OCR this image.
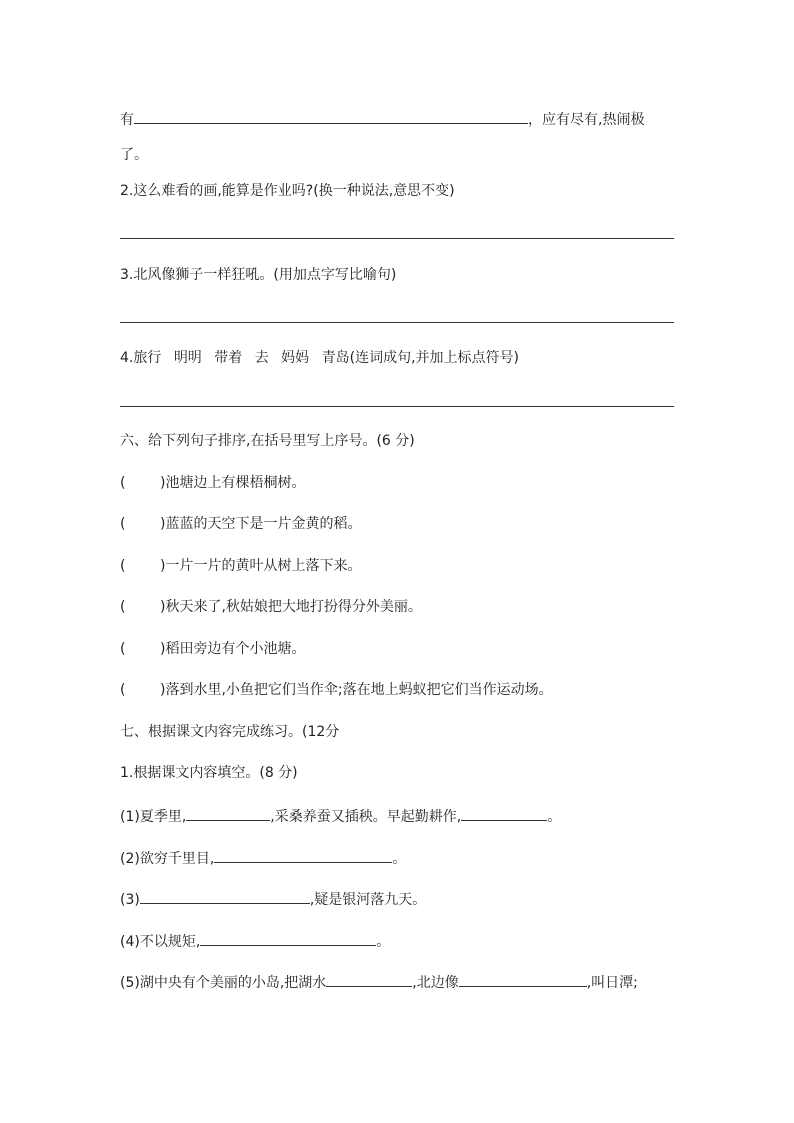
有	，应有尽有,热闹极
了。
2.这么难看的画,能算是作业吗?(换一种说法,意思不变)
3.北风像狮子一样狂吼。(用加点字写比喻句)
4.旅行 明明 带着 去 妈妈 青岛(连词成句,并加上标点符号)
六、给下列句子排序,在括号里写上序号。(6 分)
( )池塘边上有棵梧桐树。
( )蓝蓝的天空下是一片金黄的稻。
( )一片一片的黄叶从树上落下来。
( )秋天来了,秋姑娘把大地打扮得分外美丽。
( )稻田旁边有个小池塘。
( )落到水里,小鱼把它们当作伞;落在地上蚂蚁把它们当作运动场。
七、根据课文内容完成练习。(12分
1.根据课文内容填空。(8 分)
(1)夏季里,	,采桑养蚕又插秧。早起勤耕作,	。
(2)欲穷千里目,	。
(3)	,疑是银河落九天。
(4)不以规矩,	。
(5)湖中央有个美丽的小岛,把湖水	,北边像	,叫日潭;
